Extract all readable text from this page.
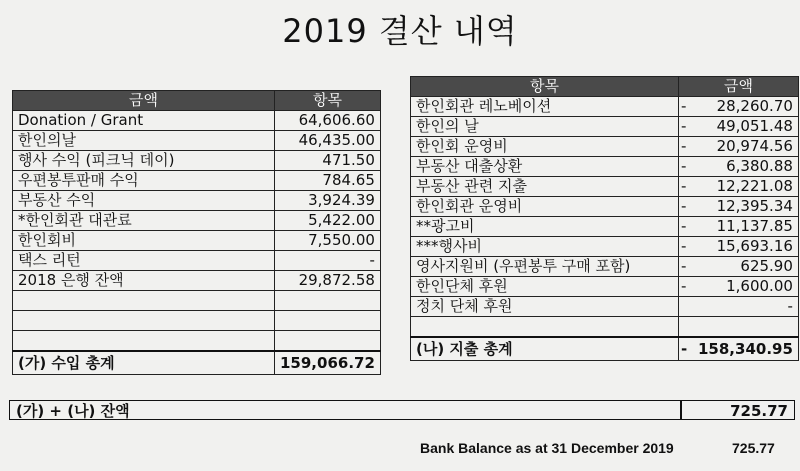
2019 결산 내역
금액	항목
Donation / Grant	64,606.60
한인의날	46,435.00
행사 수익 (피크닉 데이)	471.50
우편봉투판매 수익	784.65
부동산 수익	3,924.39
*한인회관 대관료	5,422.00
한인회비	7,550.00
택스 리턴	-
2018 은행 잔액	29,872.58

(가) 수입 총계	159,066.72
항목	금액	
한인회관 레노베이션	-	28,260.70
한인의 날	-	49,051.48
한인회 운영비	-	20,974.56
부동산 대출상환	-	6,380.88
부동산 관련 지출	-	12,221.08
한인회관 운영비	-	12,395.34
**광고비	-	11,137.85
***행사비	-	15,693.16
영사지원비 (우편봉투 구매 포함)	-	625.90
한인단체 후원	-	1,600.00
정치 단체 후원		-

(나) 지출 총계	-	158,340.95
(가) + (나) 잔액	725.77
Bank Balance as at 31 December 2019	725.77
